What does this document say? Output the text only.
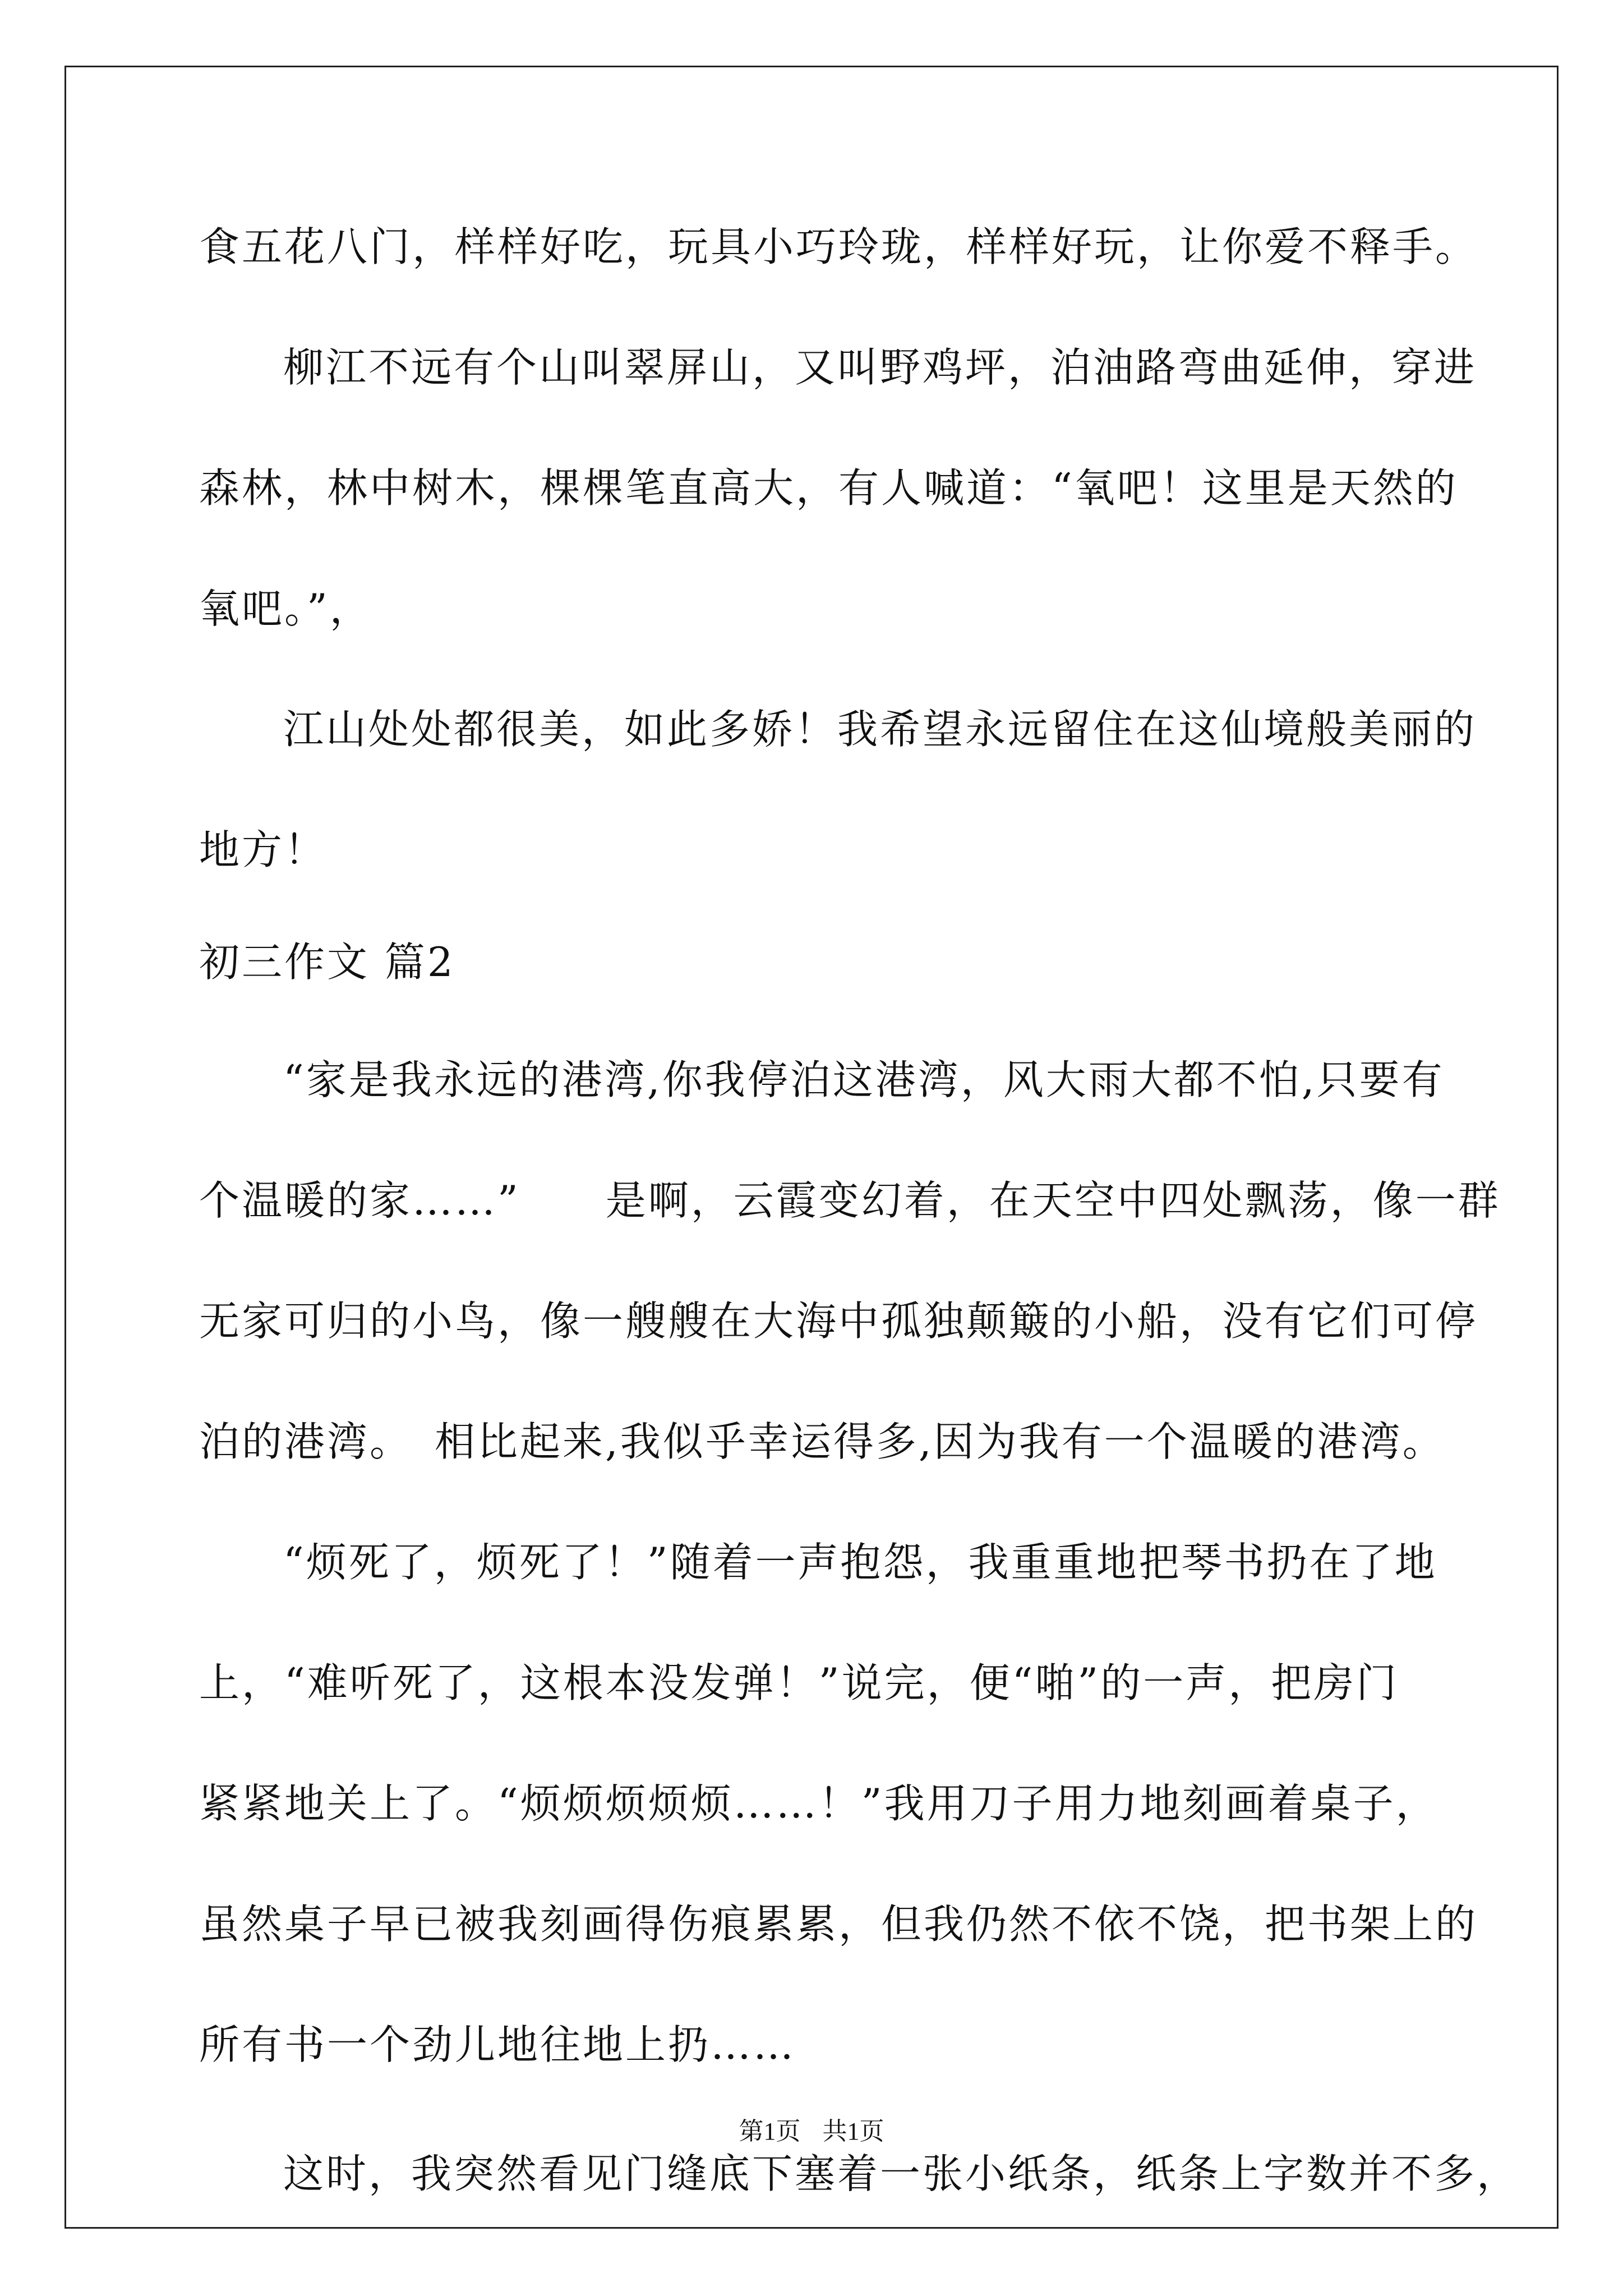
食五花八门，样样好吃，玩具小巧玲珑，样样好玩，让你爱不释手。
柳江不远有个山叫翠屏山，又叫野鸡坪，泊油路弯曲延伸，穿进
森林，林中树木，棵棵笔直高大，有人喊道：“氧吧！这里是天然的
氧吧。”，
江山处处都很美，如此多娇！我希望永远留住在这仙境般美丽的
地方！
初三作文 篇2
“家是我永远的港湾,你我停泊这港湾，风大雨大都不怕,只要有
个温暖的家……”　　是啊，云霞变幻着，在天空中四处飘荡，像一群
无家可归的小鸟，像一艘艘在大海中孤独颠簸的小船，没有它们可停
泊的港湾。　相比起来,我似乎幸运得多,因为我有一个温暖的港湾。
“烦死了，烦死了！”随着一声抱怨，我重重地把琴书扔在了地
上，“难听死了，这根本没发弹！”说完，便“啪”的一声，把房门
紧紧地关上了。“烦烦烦烦烦……！”我用刀子用力地刻画着桌子，
虽然桌子早已被我刻画得伤痕累累，但我仍然不依不饶，把书架上的
所有书一个劲儿地往地上扔……
这时，我突然看见门缝底下塞着一张小纸条，纸条上字数并不多，
第1页 共1页
